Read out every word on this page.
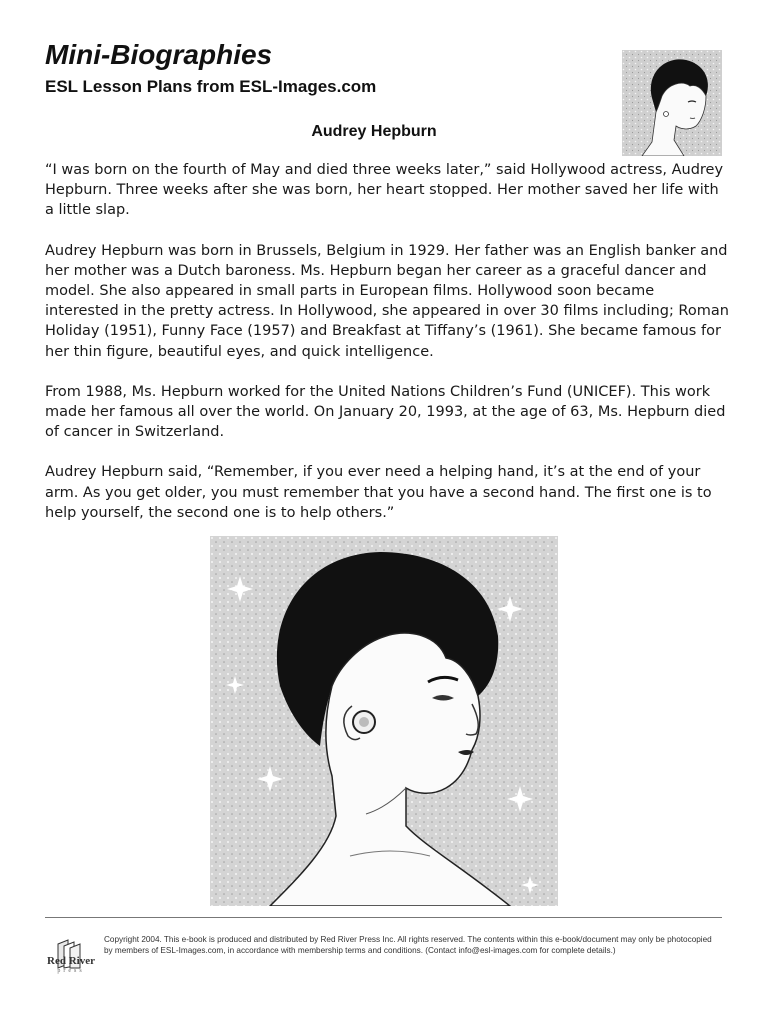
Mini-Biographies
ESL Lesson Plans from ESL-Images.com
Audrey Hepburn

“I was born on the fourth of May and died three weeks later,” said Hollywood actress, Audrey Hepburn. Three weeks after she was born, her heart stopped. Her mother saved her life with a little slap.

Audrey Hepburn was born in Brussels, Belgium in 1929. Her father was an English banker and her mother was a Dutch baroness. Ms. Hepburn began her career as a graceful dancer and model. She also appeared in small parts in European films. Hollywood soon became interested in the pretty actress. In Hollywood, she appeared in over 30 films including; Roman Holiday (1951), Funny Face (1957) and Breakfast at Tiffany’s (1961). She became famous for her thin figure, beautiful eyes, and quick intelligence.

From 1988, Ms. Hepburn worked for the United Nations Children’s Fund (UNICEF). This work made her famous all over the world. On January 20, 1993, at the age of 63, Ms. Hepburn died of cancer in Switzerland.

Audrey Hepburn said, “Remember, if you ever need a helping hand, it’s at the end of your arm. As you get older, you must remember that you have a second hand. The first one is to help yourself, the second one is to help others.”

Red River
press
Copyright 2004. This e-book is produced and distributed by Red River Press Inc. All rights reserved. The contents within this e-book/document may only be photocopied by members of ESL-Images.com, in accordance with membership terms and conditions. (Contact info@esl-images.com for complete details.)
